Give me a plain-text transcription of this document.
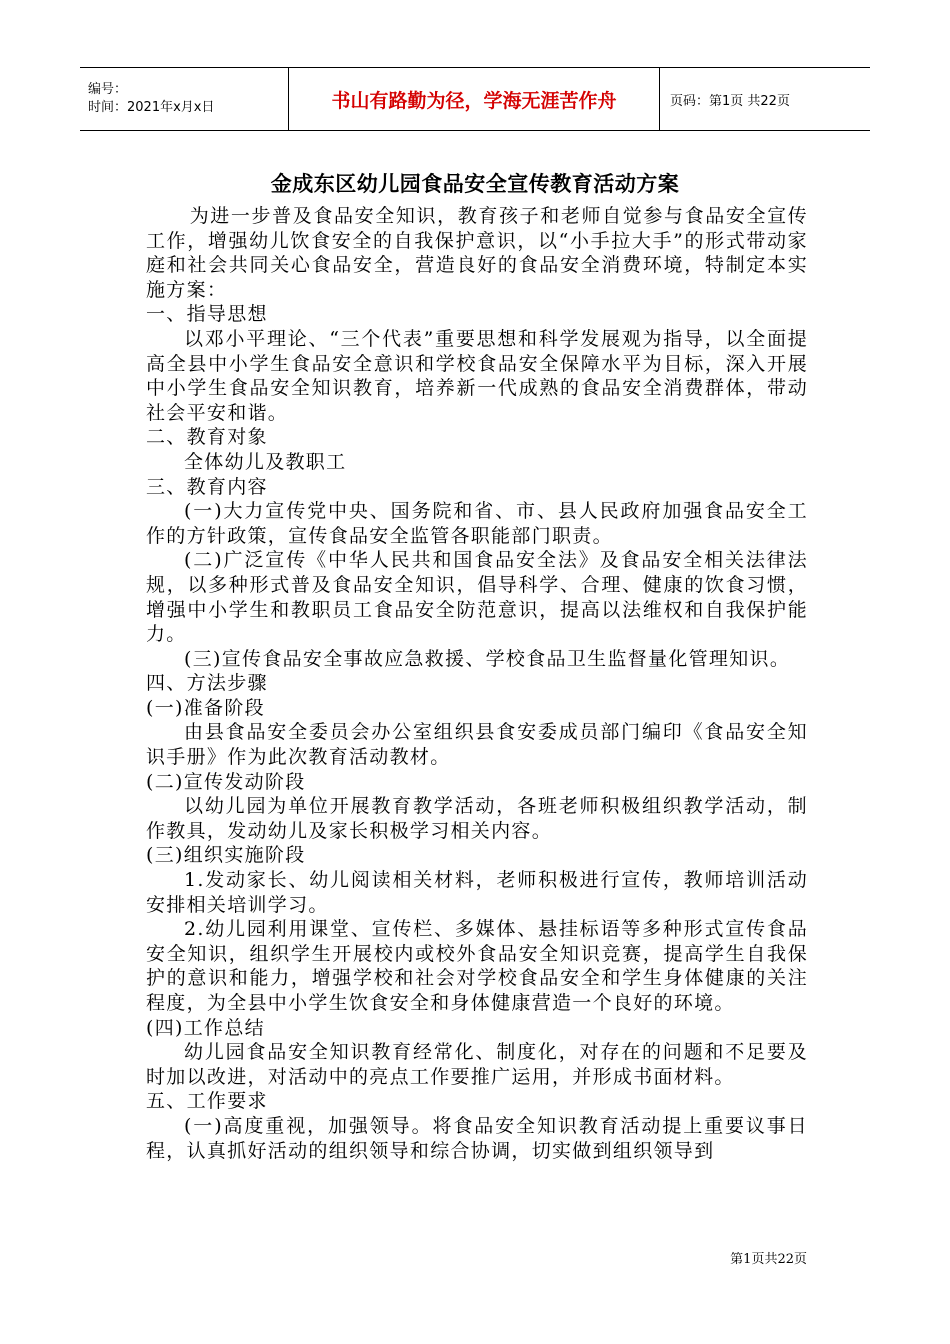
编号：
时间：2021年x月x日	书山有路勤为径，学海无涯苦作舟	页码：第1页 共22页
金成东区幼儿园食品安全宣传教育活动方案

为进一步普及食品安全知识，教育孩子和老师自觉参与食品安全宣传工作，增强幼儿饮食安全的自我保护意识，以“小手拉大手”的形式带动家庭和社会共同关心食品安全，营造良好的食品安全消费环境，特制定本实施方案：

一、指导思想

以邓小平理论、“三个代表”重要思想和科学发展观为指导，以全面提高全县中小学生食品安全意识和学校食品安全保障水平为目标，深入开展中小学生食品安全知识教育，培养新一代成熟的食品安全消费群体，带动社会平安和谐。

二、教育对象

全体幼儿及教职工

三、教育内容

(一)大力宣传党中央、国务院和省、市、县人民政府加强食品安全工作的方针政策，宣传食品安全监管各职能部门职责。

(二)广泛宣传《中华人民共和国食品安全法》及食品安全相关法律法规，以多种形式普及食品安全知识，倡导科学、合理、健康的饮食习惯，增强中小学生和教职员工食品安全防范意识，提高以法维权和自我保护能力。

(三)宣传食品安全事故应急救援、学校食品卫生监督量化管理知识。

四、方法步骤

(一)准备阶段

由县食品安全委员会办公室组织县食安委成员部门编印《食品安全知识手册》作为此次教育活动教材。

(二)宣传发动阶段

以幼儿园为单位开展教育教学活动，各班老师积极组织教学活动，制作教具，发动幼儿及家长积极学习相关内容。

(三)组织实施阶段

1.发动家长、幼儿阅读相关材料，老师积极进行宣传，教师培训活动安排相关培训学习。

2.幼儿园利用课堂、宣传栏、多媒体、悬挂标语等多种形式宣传食品安全知识，组织学生开展校内或校外食品安全知识竞赛，提高学生自我保护的意识和能力，增强学校和社会对学校食品安全和学生身体健康的关注程度，为全县中小学生饮食安全和身体健康营造一个良好的环境。

(四)工作总结

幼儿园食品安全知识教育经常化、制度化，对存在的问题和不足要及时加以改进，对活动中的亮点工作要推广运用，并形成书面材料。

五、工作要求

(一)高度重视，加强领导。将食品安全知识教育活动提上重要议事日程，认真抓好活动的组织领导和综合协调，切实做到组织领导到

第1页共22页
